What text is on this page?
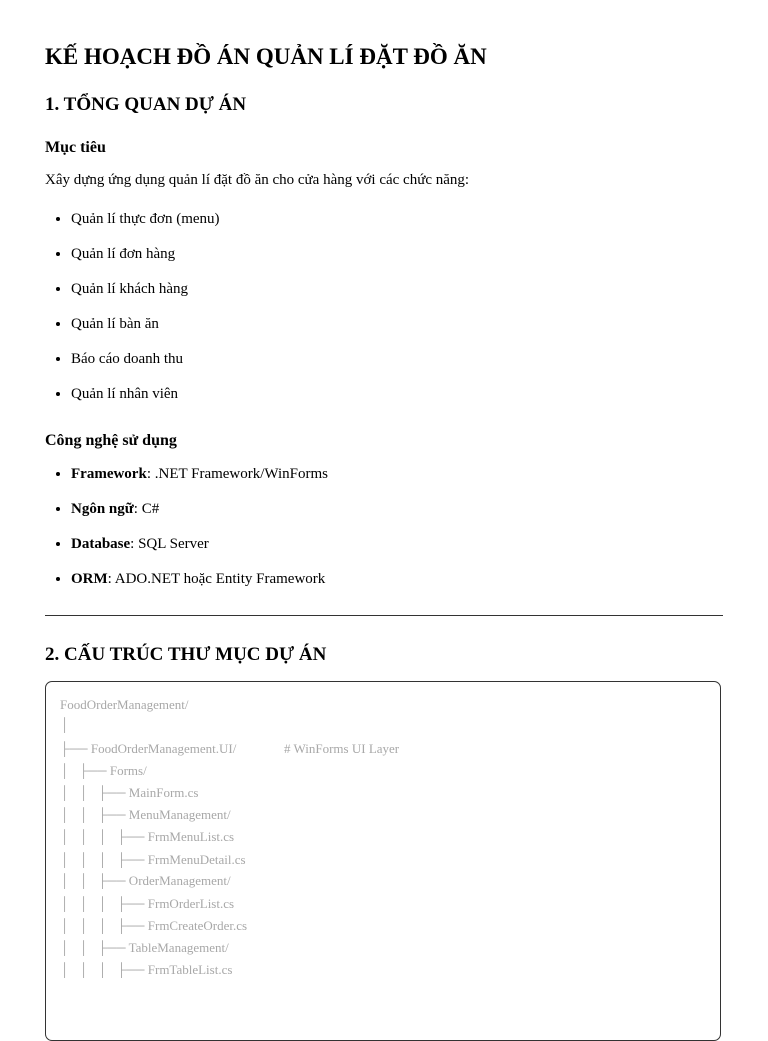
KẾ HOẠCH ĐỒ ÁN QUẢN LÍ ĐẶT ĐỒ ĂN
1. TỔNG QUAN DỰ ÁN
Mục tiêu

Xây dựng ứng dụng quản lí đặt đồ ăn cho cửa hàng với các chức năng:

• Quản lí thực đơn (menu)
• Quản lí đơn hàng
• Quản lí khách hàng
• Quản lí bàn ăn
• Báo cáo doanh thu
• Quản lí nhân viên
Công nghệ sử dụng
• Framework: .NET Framework/WinForms
• Ngôn ngữ: C#
• Database: SQL Server
• ORM: ADO.NET hoặc Entity Framework
2. CẤU TRÚC THƯ MỤC DỰ ÁN
FoodOrderManagement/
│
├── FoodOrderManagement.UI/	# WinForms UI Layer
│   ├── Forms/
│   │   ├── MainForm.cs
│   │   ├── MenuManagement/
│   │   │   ├── FrmMenuList.cs
│   │   │   ├── FrmMenuDetail.cs
│   │   ├── OrderManagement/
│   │   │   ├── FrmOrderList.cs
│   │   │   ├── FrmCreateOrder.cs
│   │   ├── TableManagement/
│   │   │   ├── FrmTableList.cs
